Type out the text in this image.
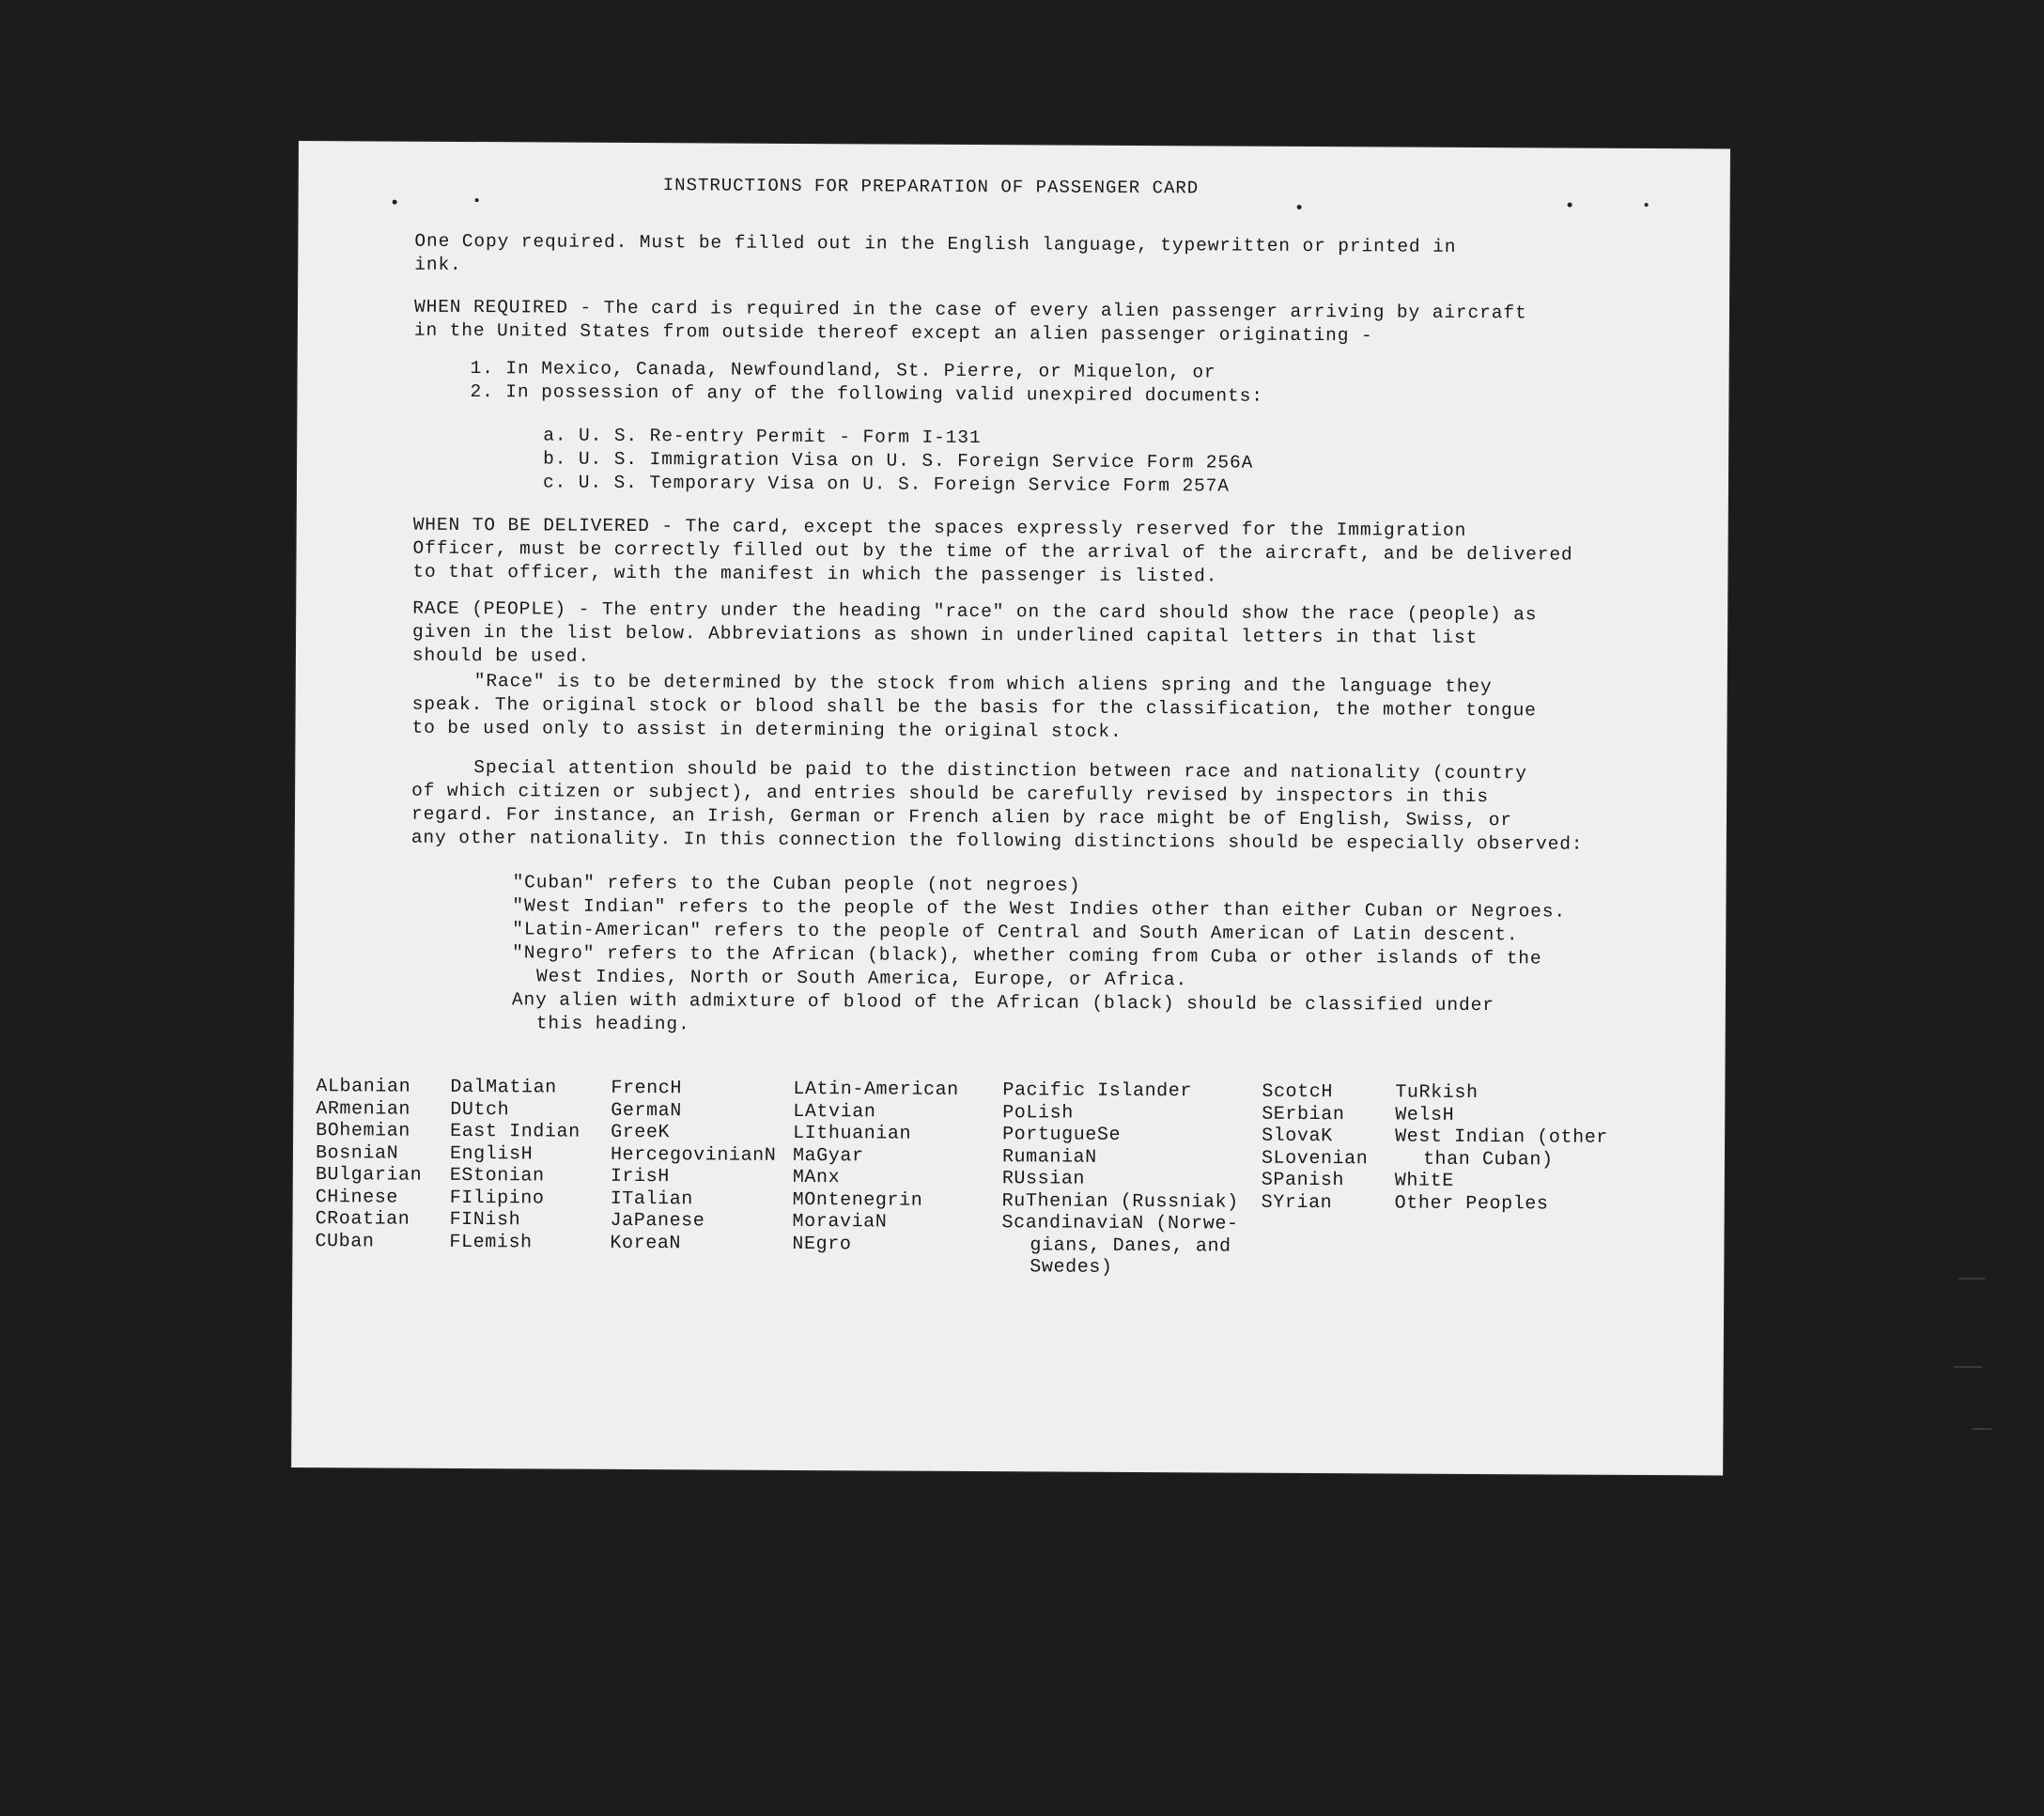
INSTRUCTIONS FOR PREPARATION OF PASSENGER CARD
One Copy required. Must be filled out in the English language, typewritten or printed in
ink.
WHEN REQUIRED - The card is required in the case of every alien passenger arriving by aircraft
in the United States from outside thereof except an alien passenger originating -
1. In Mexico, Canada, Newfoundland, St. Pierre, or Miquelon, or
2. In possession of any of the following valid unexpired documents:
a. U. S. Re-entry Permit - Form I-131
b. U. S. Immigration Visa on U. S. Foreign Service Form 256A
c. U. S. Temporary Visa on U. S. Foreign Service Form 257A
WHEN TO BE DELIVERED - The card, except the spaces expressly reserved for the Immigration
Officer, must be correctly filled out by the time of the arrival of the aircraft, and be delivered
to that officer, with the manifest in which the passenger is listed.
RACE (PEOPLE) - The entry under the heading "race" on the card should show the race (people) as
given in the list below. Abbreviations as shown in underlined capital letters in that list
should be used.
"Race" is to be determined by the stock from which aliens spring and the language they
speak. The original stock or blood shall be the basis for the classification, the mother tongue
to be used only to assist in determining the original stock.
Special attention should be paid to the distinction between race and nationality (country
of which citizen or subject), and entries should be carefully revised by inspectors in this
regard. For instance, an Irish, German or French alien by race might be of English, Swiss, or
any other nationality. In this connection the following distinctions should be especially observed:
"Cuban" refers to the Cuban people (not negroes)
"West Indian" refers to the people of the West Indies other than either Cuban or Negroes.
"Latin-American" refers to the people of Central and South American of Latin descent.
"Negro" refers to the African (black), whether coming from Cuba or other islands of the
West Indies, North or South America, Europe, or Africa.
Any alien with admixture of blood of the African (black) should be classified under
this heading.
ALbanian
ARmenian
BOhemian
BosniaN
BUlgarian
CHinese
CRoatian
CUban
DalMatian
DUtch
East Indian
EnglisH
EStonian
FIlipino
FINish
FLemish
FrencH
GermaN
GreeK
HercegovinianN
IrisH
ITalian
JaPanese
KoreaN
LAtin-American
LAtvian
LIthuanian
MaGyar
MAnx
MOntenegrin
MoraviaN
NEgro
Pacific Islander
PoLish
PortugueSe
RumaniaN
RUssian
RuThenian (Russniak)
ScandinaviaN (Norwe-
gians, Danes, and
Swedes)
ScotcH
SErbian
SlovaK
SLovenian
SPanish
SYrian
TuRkish
WelsH
West Indian (other
than Cuban)
WhitE
Other Peoples
